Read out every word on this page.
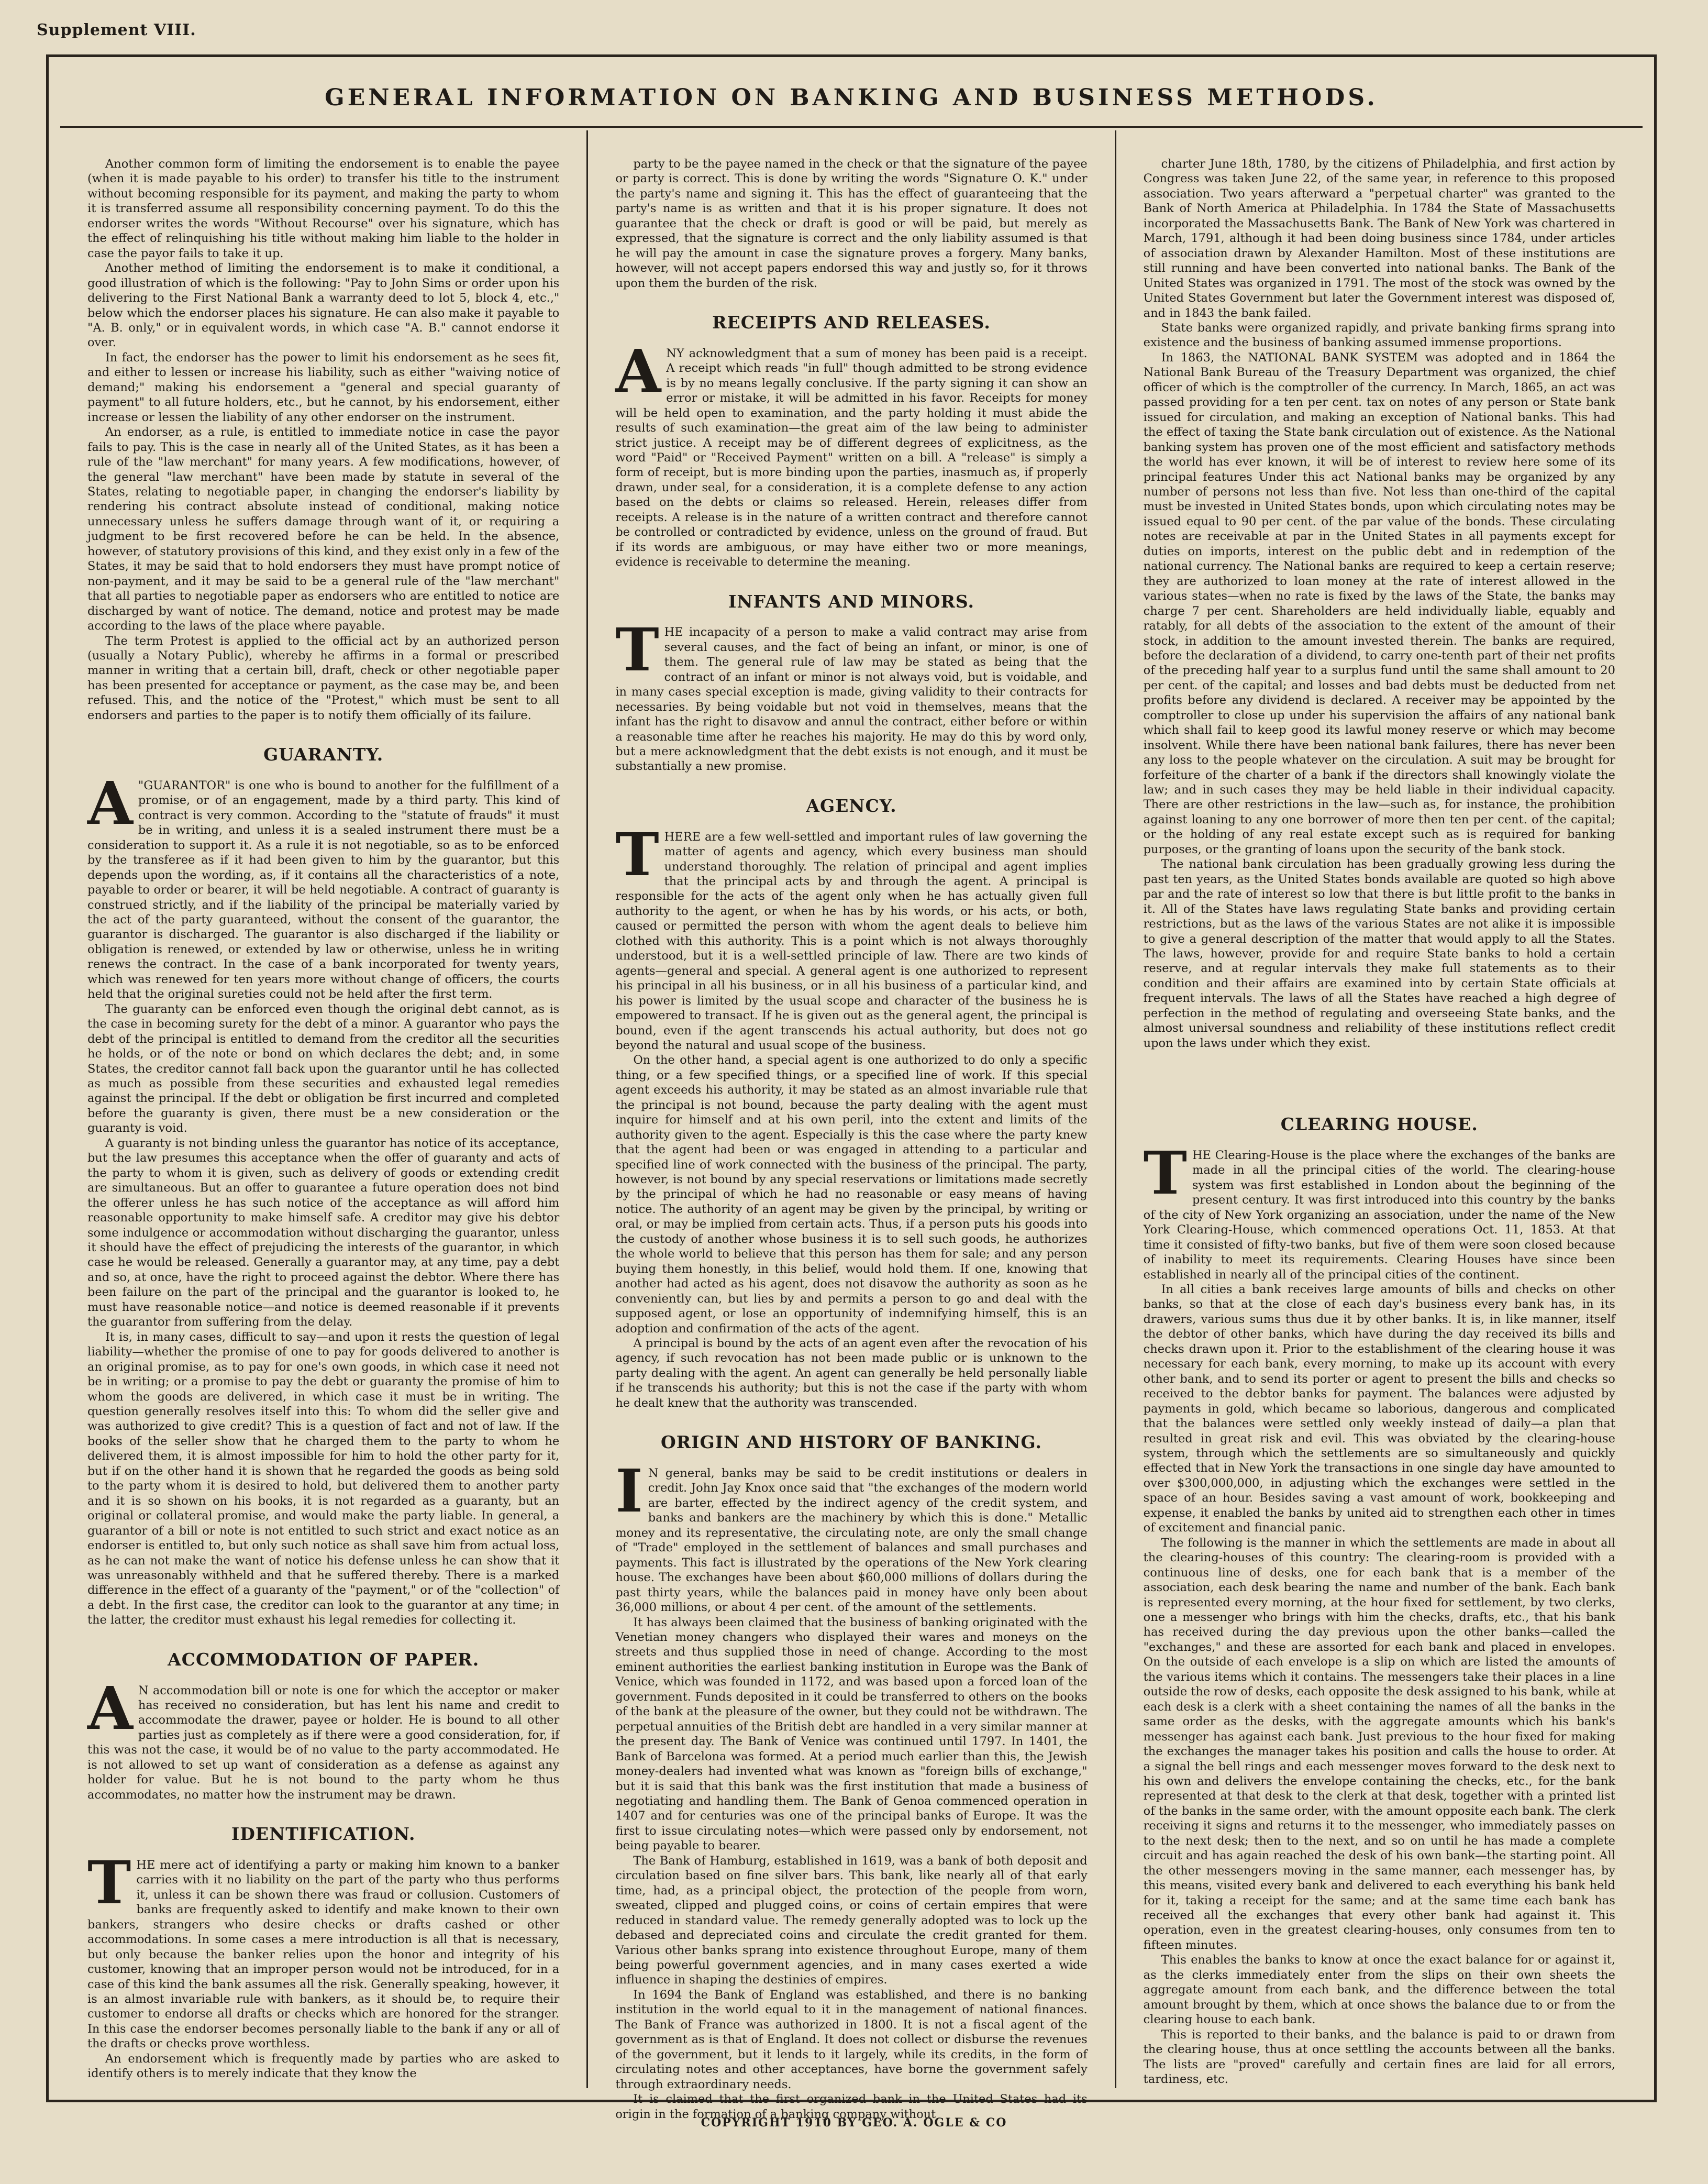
Supplement VIII.
GENERAL INFORMATION ON BANKING AND BUSINESS METHODS.

Another common form of limiting the endorsement is to enable the payee (when it is made payable to his order) to transfer his title to the instrument without becoming responsible for its payment, and making the party to whom it is transferred assume all responsibility concerning payment. To do this the endorser writes the words "Without Recourse" over his signature, which has the effect of relinquishing his title without making him liable to the holder in case the payor fails to take it up.

Another method of limiting the endorsement is to make it conditional, a good illustration of which is the following: "Pay to John Sims or order upon his delivering to the First National Bank a warranty deed to lot 5, block 4, etc.," below which the endorser places his signature. He can also make it payable to "A. B. only," or in equivalent words, in which case "A. B." cannot endorse it over.

In fact, the endorser has the power to limit his endorsement as he sees fit, and either to lessen or increase his liability, such as either "waiving notice of demand;" making his endorsement a "general and special guaranty of payment" to all future holders, etc., but he cannot, by his endorsement, either increase or lessen the liability of any other endorser on the instrument.

An endorser, as a rule, is entitled to immediate notice in case the payor fails to pay. This is the case in nearly all of the United States, as it has been a rule of the "law merchant" for many years. A few modifications, however, of the general "law merchant" have been made by statute in several of the States, relating to negotiable paper, in changing the endorser's liability by rendering his contract absolute instead of conditional, making notice unnecessary unless he suffers damage through want of it, or requiring a judgment to be first recovered before he can be held. In the absence, however, of statutory provisions of this kind, and they exist only in a few of the States, it may be said that to hold endorsers they must have prompt notice of non-payment, and it may be said to be a general rule of the "law merchant" that all parties to negotiable paper as endorsers who are entitled to notice are discharged by want of notice. The demand, notice and protest may be made according to the laws of the place where payable.

The term Protest is applied to the official act by an authorized person (usually a Notary Public), whereby he affirms in a formal or prescribed manner in writing that a certain bill, draft, check or other negotiable paper has been presented for acceptance or payment, as the case may be, and been refused. This, and the notice of the "Protest," which must be sent to all endorsers and parties to the paper is to notify them officially of its failure.

GUARANTY.

A"GUARANTOR" is one who is bound to another for the fulfillment of a promise, or of an engagement, made by a third party. This kind of contract is very common. According to the "statute of frauds" it must be in writing, and unless it is a sealed instrument there must be a consideration to support it. As a rule it is not negotiable, so as to be enforced by the transferee as if it had been given to him by the guarantor, but this depends upon the wording, as, if it contains all the characteristics of a note, payable to order or bearer, it will be held negotiable. A contract of guaranty is construed strictly, and if the liability of the principal be materially varied by the act of the party guaranteed, without the consent of the guarantor, the guarantor is discharged. The guarantor is also discharged if the liability or obligation is renewed, or extended by law or otherwise, unless he in writing renews the contract. In the case of a bank incorporated for twenty years, which was renewed for ten years more without change of officers, the courts held that the original sureties could not be held after the first term.

The guaranty can be enforced even though the original debt cannot, as is the case in becoming surety for the debt of a minor. A guarantor who pays the debt of the principal is entitled to demand from the creditor all the securities he holds, or of the note or bond on which declares the debt; and, in some States, the creditor cannot fall back upon the guarantor until he has collected as much as possible from these securities and exhausted legal remedies against the principal. If the debt or obligation be first incurred and completed before the guaranty is given, there must be a new consideration or the guaranty is void.

A guaranty is not binding unless the guarantor has notice of its acceptance, but the law presumes this acceptance when the offer of guaranty and acts of the party to whom it is given, such as delivery of goods or extending credit are simultaneous. But an offer to guarantee a future operation does not bind the offerer unless he has such notice of the acceptance as will afford him reasonable opportunity to make himself safe. A creditor may give his debtor some indulgence or accommodation without discharging the guarantor, unless it should have the effect of prejudicing the interests of the guarantor, in which case he would be released. Generally a guarantor may, at any time, pay a debt and so, at once, have the right to proceed against the debtor. Where there has been failure on the part of the principal and the guarantor is looked to, he must have reasonable notice—and notice is deemed reasonable if it prevents the guarantor from suffering from the delay.

It is, in many cases, difficult to say—and upon it rests the question of legal liability—whether the promise of one to pay for goods delivered to another is an original promise, as to pay for one's own goods, in which case it need not be in writing; or a promise to pay the debt or guaranty the promise of him to whom the goods are delivered, in which case it must be in writing. The question generally resolves itself into this: To whom did the seller give and was authorized to give credit? This is a question of fact and not of law. If the books of the seller show that he charged them to the party to whom he delivered them, it is almost impossible for him to hold the other party for it, but if on the other hand it is shown that he regarded the goods as being sold to the party whom it is desired to hold, but delivered them to another party and it is so shown on his books, it is not regarded as a guaranty, but an original or collateral promise, and would make the party liable. In general, a guarantor of a bill or note is not entitled to such strict and exact notice as an endorser is entitled to, but only such notice as shall save him from actual loss, as he can not make the want of notice his defense unless he can show that it was unreasonably withheld and that he suffered thereby. There is a marked difference in the effect of a guaranty of the "payment," or of the "collection" of a debt. In the first case, the creditor can look to the guarantor at any time; in the latter, the creditor must exhaust his legal remedies for collecting it.

ACCOMMODATION OF PAPER.

AN accommodation bill or note is one for which the acceptor or maker has received no consideration, but has lent his name and credit to accommodate the drawer, payee or holder. He is bound to all other parties just as completely as if there were a good consideration, for, if this was not the case, it would be of no value to the party accommodated. He is not allowed to set up want of consideration as a defense as against any holder for value. But he is not bound to the party whom he thus accommodates, no matter how the instrument may be drawn.

IDENTIFICATION.

THE mere act of identifying a party or making him known to a banker carries with it no liability on the part of the party who thus performs it, unless it can be shown there was fraud or collusion. Customers of banks are frequently asked to identify and make known to their own bankers, strangers who desire checks or drafts cashed or other accommodations. In some cases a mere introduction is all that is necessary, but only because the banker relies upon the honor and integrity of his customer, knowing that an improper person would not be introduced, for in a case of this kind the bank assumes all the risk. Generally speaking, however, it is an almost invariable rule with bankers, as it should be, to require their customer to endorse all drafts or checks which are honored for the stranger. In this case the endorser becomes personally liable to the bank if any or all of the drafts or checks prove worthless.

An endorsement which is frequently made by parties who are asked to identify others is to merely indicate that they know the

party to be the payee named in the check or that the signature of the payee or party is correct. This is done by writing the words "Signature O. K." under the party's name and signing it. This has the effect of guaranteeing that the party's name is as written and that it is his proper signature. It does not guarantee that the check or draft is good or will be paid, but merely as expressed, that the signature is correct and the only liability assumed is that he will pay the amount in case the signature proves a forgery. Many banks, however, will not accept papers endorsed this way and justly so, for it throws upon them the burden of the risk.

RECEIPTS AND RELEASES.

ANY acknowledgment that a sum of money has been paid is a receipt. A receipt which reads "in full" though admitted to be strong evidence is by no means legally conclusive. If the party signing it can show an error or mistake, it will be admitted in his favor. Receipts for money will be held open to examination, and the party holding it must abide the results of such examination—the great aim of the law being to administer strict justice. A receipt may be of different degrees of explicitness, as the word "Paid" or "Received Payment" written on a bill. A "release" is simply a form of receipt, but is more binding upon the parties, inasmuch as, if properly drawn, under seal, for a consideration, it is a complete defense to any action based on the debts or claims so released. Herein, releases differ from receipts. A release is in the nature of a written contract and therefore cannot be controlled or contradicted by evidence, unless on the ground of fraud. But if its words are ambiguous, or may have either two or more meanings, evidence is receivable to determine the meaning.

INFANTS AND MINORS.

THE incapacity of a person to make a valid contract may arise from several causes, and the fact of being an infant, or minor, is one of them. The general rule of law may be stated as being that the contract of an infant or minor is not always void, but is voidable, and in many cases special exception is made, giving validity to their contracts for necessaries. By being voidable but not void in themselves, means that the infant has the right to disavow and annul the contract, either before or within a reasonable time after he reaches his majority. He may do this by word only, but a mere acknowledgment that the debt exists is not enough, and it must be substantially a new promise.

AGENCY.

THERE are a few well-settled and important rules of law governing the matter of agents and agency, which every business man should understand thoroughly. The relation of principal and agent implies that the principal acts by and through the agent. A principal is responsible for the acts of the agent only when he has actually given full authority to the agent, or when he has by his words, or his acts, or both, caused or permitted the person with whom the agent deals to believe him clothed with this authority. This is a point which is not always thoroughly understood, but it is a well-settled principle of law. There are two kinds of agents—general and special. A general agent is one authorized to represent his principal in all his business, or in all his business of a particular kind, and his power is limited by the usual scope and character of the business he is empowered to transact. If he is given out as the general agent, the principal is bound, even if the agent transcends his actual authority, but does not go beyond the natural and usual scope of the business.

On the other hand, a special agent is one authorized to do only a specific thing, or a few specified things, or a specified line of work. If this special agent exceeds his authority, it may be stated as an almost invariable rule that the principal is not bound, because the party dealing with the agent must inquire for himself and at his own peril, into the extent and limits of the authority given to the agent. Especially is this the case where the party knew that the agent had been or was engaged in attending to a particular and specified line of work connected with the business of the principal. The party, however, is not bound by any special reservations or limitations made secretly by the principal of which he had no reasonable or easy means of having notice. The authority of an agent may be given by the principal, by writing or oral, or may be implied from certain acts. Thus, if a person puts his goods into the custody of another whose business it is to sell such goods, he authorizes the whole world to believe that this person has them for sale; and any person buying them honestly, in this belief, would hold them. If one, knowing that another had acted as his agent, does not disavow the authority as soon as he conveniently can, but lies by and permits a person to go and deal with the supposed agent, or lose an opportunity of indemnifying himself, this is an adoption and confirmation of the acts of the agent.

A principal is bound by the acts of an agent even after the revocation of his agency, if such revocation has not been made public or is unknown to the party dealing with the agent. An agent can generally be held personally liable if he transcends his authority; but this is not the case if the party with whom he dealt knew that the authority was transcended.

ORIGIN AND HISTORY OF BANKING.

IN general, banks may be said to be credit institutions or dealers in credit. John Jay Knox once said that "the exchanges of the modern world are barter, effected by the indirect agency of the credit system, and banks and bankers are the machinery by which this is done." Metallic money and its representative, the circulating note, are only the small change of "Trade" employed in the settlement of balances and small purchases and payments. This fact is illustrated by the operations of the New York clearing house. The exchanges have been about $60,000 millions of dollars during the past thirty years, while the balances paid in money have only been about 36,000 millions, or about 4 per cent. of the amount of the settlements.

It has always been claimed that the business of banking originated with the Venetian money changers who displayed their wares and moneys on the streets and thus supplied those in need of change. According to the most eminent authorities the earliest banking institution in Europe was the Bank of Venice, which was founded in 1172, and was based upon a forced loan of the government. Funds deposited in it could be transferred to others on the books of the bank at the pleasure of the owner, but they could not be withdrawn. The perpetual annuities of the British debt are handled in a very similar manner at the present day. The Bank of Venice was continued until 1797. In 1401, the Bank of Barcelona was formed. At a period much earlier than this, the Jewish money-dealers had invented what was known as "foreign bills of exchange," but it is said that this bank was the first institution that made a business of negotiating and handling them. The Bank of Genoa commenced operation in 1407 and for centuries was one of the principal banks of Europe. It was the first to issue circulating notes—which were passed only by endorsement, not being payable to bearer.

The Bank of Hamburg, established in 1619, was a bank of both deposit and circulation based on fine silver bars. This bank, like nearly all of that early time, had, as a principal object, the protection of the people from worn, sweated, clipped and plugged coins, or coins of certain empires that were reduced in standard value. The remedy generally adopted was to lock up the debased and depreciated coins and circulate the credit granted for them. Various other banks sprang into existence throughout Europe, many of them being powerful government agencies, and in many cases exerted a wide influence in shaping the destinies of empires.

In 1694 the Bank of England was established, and there is no banking institution in the world equal to it in the management of national finances. The Bank of France was authorized in 1800. It is not a fiscal agent of the government as is that of England. It does not collect or disburse the revenues of the government, but it lends to it largely, while its credits, in the form of circulating notes and other acceptances, have borne the government safely through extraordinary needs.

It is claimed that the first organized bank in the United States had its origin in the formation of a banking company without

charter June 18th, 1780, by the citizens of Philadelphia, and first action by Congress was taken June 22, of the same year, in reference to this proposed association. Two years afterward a "perpetual charter" was granted to the Bank of North America at Philadelphia. In 1784 the State of Massachusetts incorporated the Massachusetts Bank. The Bank of New York was chartered in March, 1791, although it had been doing business since 1784, under articles of association drawn by Alexander Hamilton. Most of these institutions are still running and have been converted into national banks. The Bank of the United States was organized in 1791. The most of the stock was owned by the United States Government but later the Government interest was disposed of, and in 1843 the bank failed.

State banks were organized rapidly, and private banking firms sprang into existence and the business of banking assumed immense proportions.

In 1863, the NATIONAL BANK SYSTEM was adopted and in 1864 the National Bank Bureau of the Treasury Department was organized, the chief officer of which is the comptroller of the currency. In March, 1865, an act was passed providing for a ten per cent. tax on notes of any person or State bank issued for circulation, and making an exception of National banks. This had the effect of taxing the State bank circulation out of existence. As the National banking system has proven one of the most efficient and satisfactory methods the world has ever known, it will be of interest to review here some of its principal features Under this act National banks may be organized by any number of persons not less than five. Not less than one-third of the capital must be invested in United States bonds, upon which circulating notes may be issued equal to 90 per cent. of the par value of the bonds. These circulating notes are receivable at par in the United States in all payments except for duties on imports, interest on the public debt and in redemption of the national currency. The National banks are required to keep a certain reserve; they are authorized to loan money at the rate of interest allowed in the various states—when no rate is fixed by the laws of the State, the banks may charge 7 per cent. Shareholders are held individually liable, equably and ratably, for all debts of the association to the extent of the amount of their stock, in addition to the amount invested therein. The banks are required, before the declaration of a dividend, to carry one-tenth part of their net profits of the preceding half year to a surplus fund until the same shall amount to 20 per cent. of the capital; and losses and bad debts must be deducted from net profits before any dividend is declared. A receiver may be appointed by the comptroller to close up under his supervision the affairs of any national bank which shall fail to keep good its lawful money reserve or which may become insolvent. While there have been national bank failures, there has never been any loss to the people whatever on the circulation. A suit may be brought for forfeiture of the charter of a bank if the directors shall knowingly violate the law; and in such cases they may be held liable in their individual capacity. There are other restrictions in the law—such as, for instance, the prohibition against loaning to any one borrower of more then ten per cent. of the capital; or the holding of any real estate except such as is required for banking purposes, or the granting of loans upon the security of the bank stock.

The national bank circulation has been gradually growing less during the past ten years, as the United States bonds available are quoted so high above par and the rate of interest so low that there is but little profit to the banks in it. All of the States have laws regulating State banks and providing certain restrictions, but as the laws of the various States are not alike it is impossible to give a general description of the matter that would apply to all the States. The laws, however, provide for and require State banks to hold a certain reserve, and at regular intervals they make full statements as to their condition and their affairs are examined into by certain State officials at frequent intervals. The laws of all the States have reached a high degree of perfection in the method of regulating and overseeing State banks, and the almost universal soundness and reliability of these institutions reflect credit upon the laws under which they exist.

CLEARING HOUSE.

THE Clearing-House is the place where the exchanges of the banks are made in all the principal cities of the world. The clearing-house system was first established in London about the beginning of the present century. It was first introduced into this country by the banks of the city of New York organizing an association, under the name of the New York Clearing-House, which commenced operations Oct. 11, 1853. At that time it consisted of fifty-two banks, but five of them were soon closed because of inability to meet its requirements. Clearing Houses have since been established in nearly all of the principal cities of the continent.

In all cities a bank receives large amounts of bills and checks on other banks, so that at the close of each day's business every bank has, in its drawers, various sums thus due it by other banks. It is, in like manner, itself the debtor of other banks, which have during the day received its bills and checks drawn upon it. Prior to the establishment of the clearing house it was necessary for each bank, every morning, to make up its account with every other bank, and to send its porter or agent to present the bills and checks so received to the debtor banks for payment. The balances were adjusted by payments in gold, which became so laborious, dangerous and complicated that the balances were settled only weekly instead of daily—a plan that resulted in great risk and evil. This was obviated by the clearing-house system, through which the settlements are so simultaneously and quickly effected that in New York the transactions in one single day have amounted to over $300,000,000, in adjusting which the exchanges were settled in the space of an hour. Besides saving a vast amount of work, bookkeeping and expense, it enabled the banks by united aid to strengthen each other in times of excitement and financial panic.

The following is the manner in which the settlements are made in about all the clearing-houses of this country: The clearing-room is provided with a continuous line of desks, one for each bank that is a member of the association, each desk bearing the name and number of the bank. Each bank is represented every morning, at the hour fixed for settlement, by two clerks, one a messenger who brings with him the checks, drafts, etc., that his bank has received during the day previous upon the other banks—called the "exchanges," and these are assorted for each bank and placed in envelopes. On the outside of each envelope is a slip on which are listed the amounts of the various items which it contains. The messengers take their places in a line outside the row of desks, each opposite the desk assigned to his bank, while at each desk is a clerk with a sheet containing the names of all the banks in the same order as the desks, with the aggregate amounts which his bank's messenger has against each bank. Just previous to the hour fixed for making the exchanges the manager takes his position and calls the house to order. At a signal the bell rings and each messenger moves forward to the desk next to his own and delivers the envelope containing the checks, etc., for the bank represented at that desk to the clerk at that desk, together with a printed list of the banks in the same order, with the amount opposite each bank. The clerk receiving it signs and returns it to the messenger, who immediately passes on to the next desk; then to the next, and so on until he has made a complete circuit and has again reached the desk of his own bank—the starting point. All the other messengers moving in the same manner, each messenger has, by this means, visited every bank and delivered to each everything his bank held for it, taking a receipt for the same; and at the same time each bank has received all the exchanges that every other bank had against it. This operation, even in the greatest clearing-houses, only consumes from ten to fifteen minutes.

This enables the banks to know at once the exact balance for or against it, as the clerks immediately enter from the slips on their own sheets the aggregate amount from each bank, and the difference between the total amount brought by them, which at once shows the balance due to or from the clearing house to each bank.

This is reported to their banks, and the balance is paid to or drawn from the clearing house, thus at once settling the accounts between all the banks. The lists are "proved" carefully and certain fines are laid for all errors, tardiness, etc.

COPYRIGHT 1910 BY GEO. A. OGLE & CO
